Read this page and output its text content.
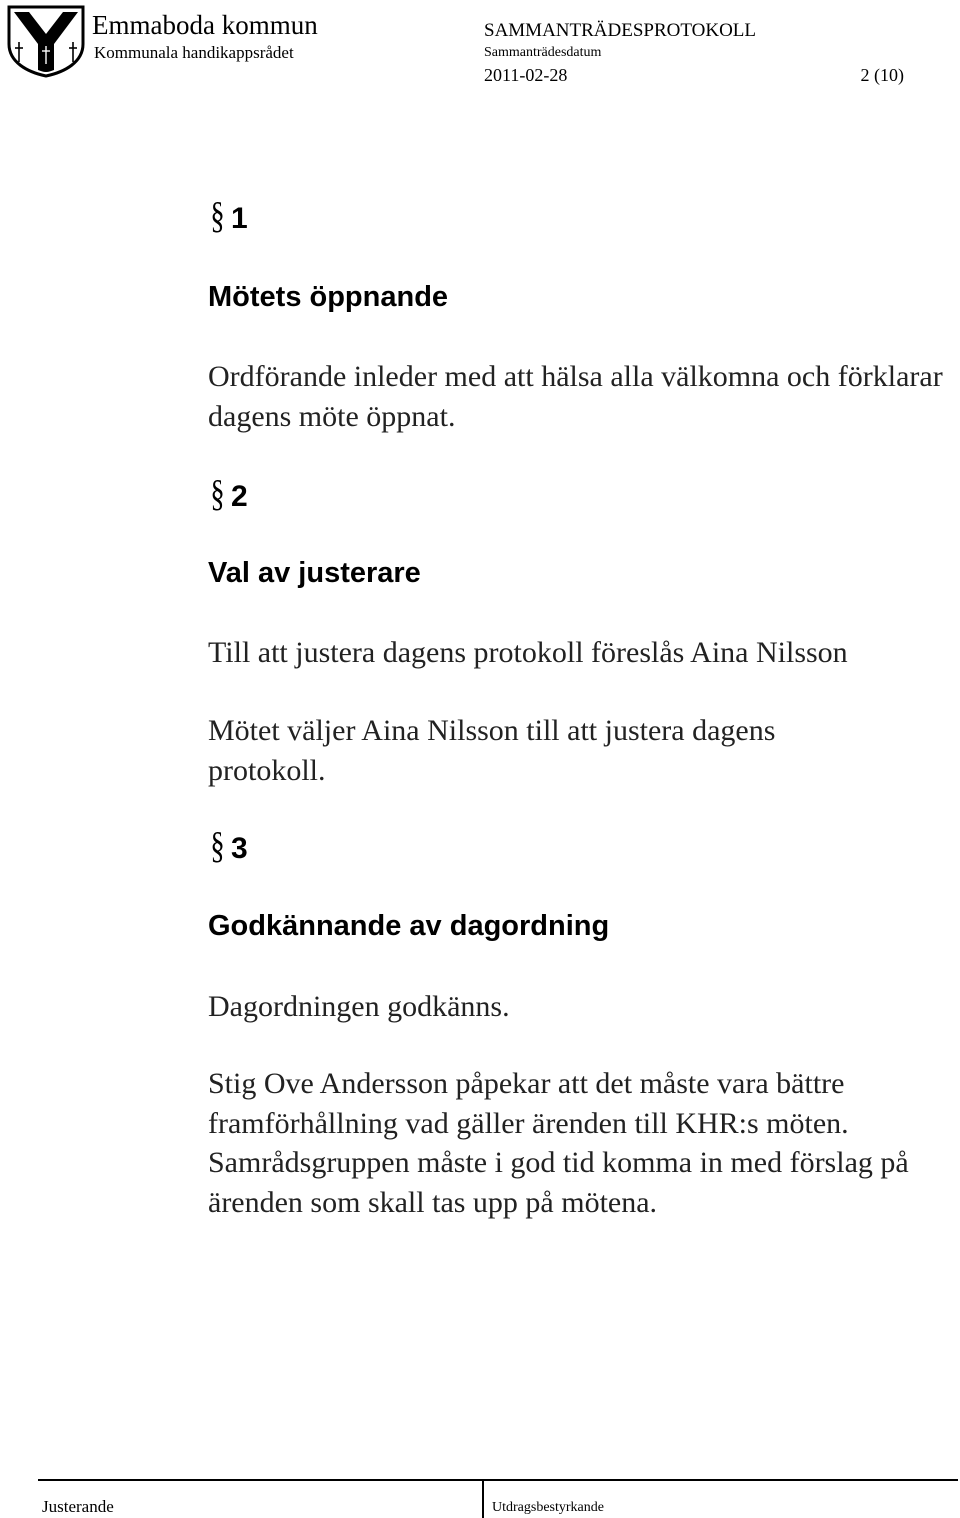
Emmaboda kommun
Kommunala handikappsrådet
SAMMANTRÄDESPROTOKOLL
Sammanträdesdatum
2011-02-28	2 (10)
§ 1
Mötets öppnande
Ordförande inleder med att hälsa alla välkomna och förklarar dagens möte öppnat.
§ 2
Val av justerare
Till att justera dagens protokoll föreslås Aina Nilsson
Mötet väljer Aina Nilsson till att justera dagens protokoll.
§ 3
Godkännande av dagordning
Dagordningen godkänns.
Stig Ove Andersson påpekar att det måste vara bättre framförhållning vad gäller ärenden till KHR:s möten. Samrådsgruppen måste i god tid komma in med förslag på ärenden som skall tas upp på mötena.
Justerande	Utdragsbestyrkande
